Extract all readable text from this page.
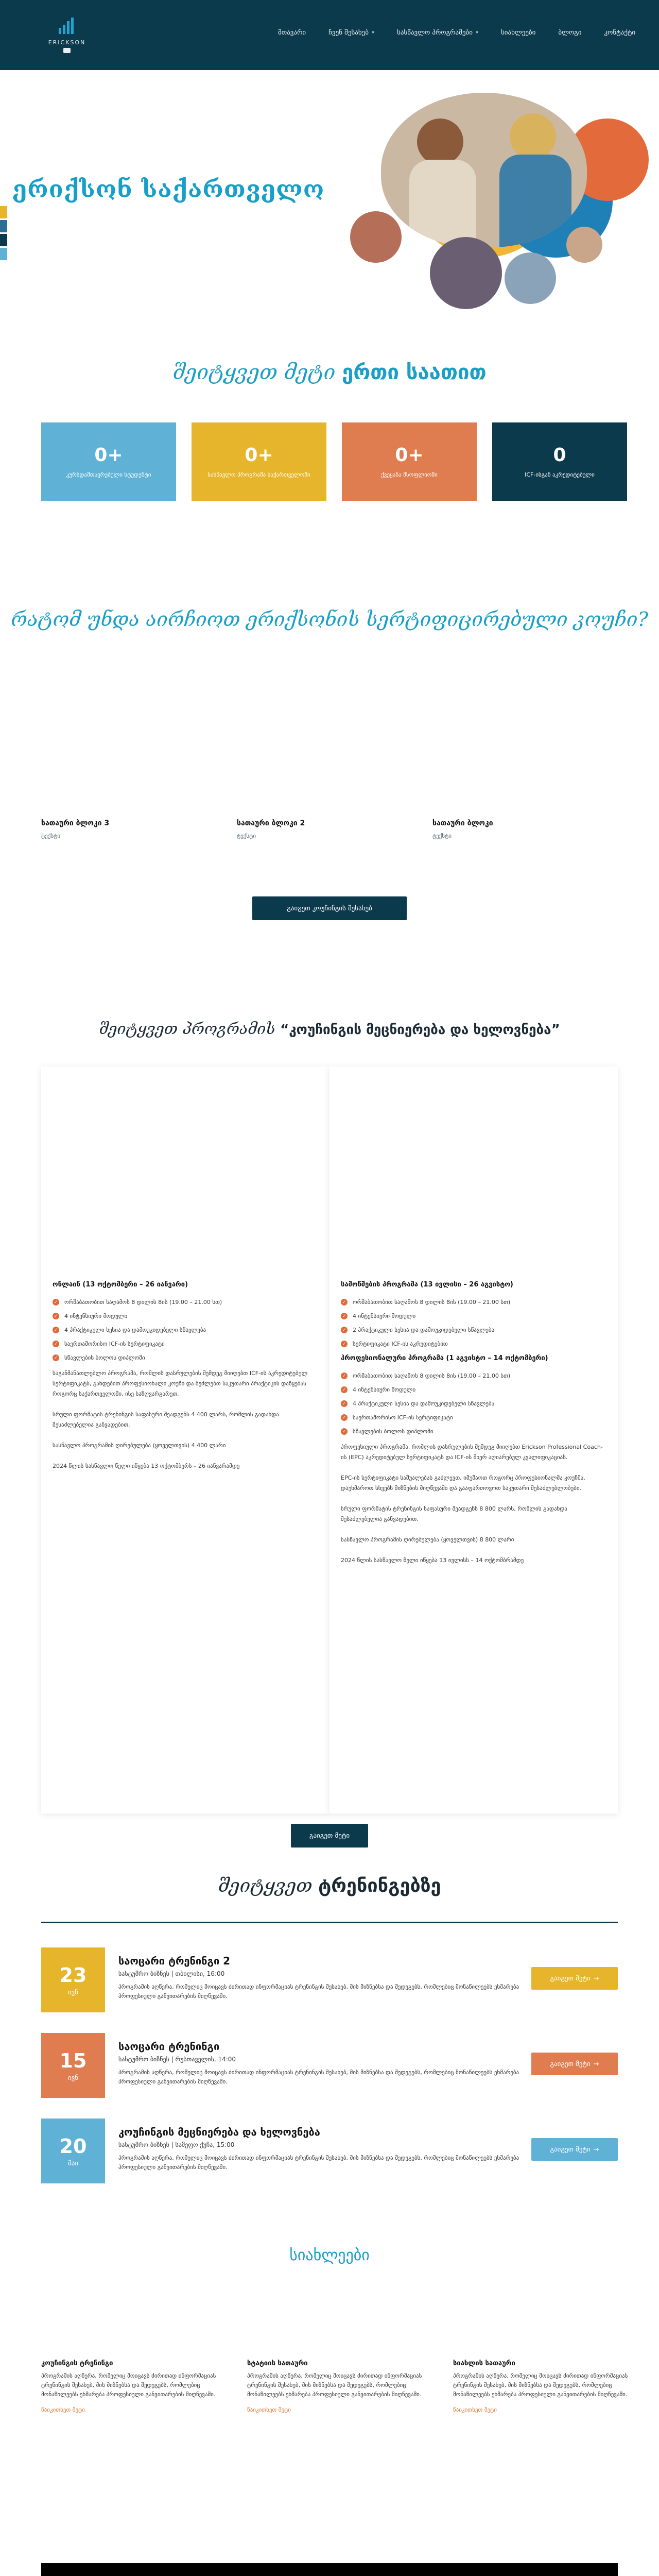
ERICKSON
მთავარი	ჩვენ შესახებ ▾	სასწავლო პროგრამები ▾	სიახლეები	ბლოგი	კონტაქტი
ერიქსონ საქართველო
შეიტყვეთ მეტი ერთი საათით
0+
კურსდამთავრებული სტუდენტი
0+
სასწავლო პროგრამა საქართველოში
0+
ქვეყანა მსოფლიოში
0
ICF-ისგან აკრედიტებული
რატომ უნდა აირჩიოთ ერიქსონის სერტიფიცირებული კოუჩი?
სათაური ბლოკი 3

ტექსტი

სათაური ბლოკი 2

ტექსტი

სათაური ბლოკი

ტექსტი

გაიგეთ კოუჩინგის შესახებ
შეიტყვეთ პროგრამის “კოუჩინგის მეცნიერება და ხელოვნება”
ონლაინ (13 ოქტომბერი – 26 იანვარი)
✓ ორშაბათობით საღამოს 8 დილის 8ის (19.00 – 21.00 სთ)
✓ 4 ინტენსიური მოდული
✓ 4 პრაქტიკული სესია და დამოუკიდებელი სწავლება
✓ საერთაშორისო ICF-ის სერტიფიკატი
✓ სწავლების ბოლოს დიპლომი

საგანმანათლებლო პროგრამა, რომლის დასრულების შემდეგ მიიღებთ ICF-ის აკრედიტებულ სერტიფიკატს, გახდებით პროფესიონალი კოუჩი და შეძლებთ საკუთარი პრაქტიკის დაწყებას როგორც საქართველოში, ისე საზღვარგარეთ.

სრული ფორმატის ტრენინგის საფასური შეადგენს 4 400 ლარს, რომლის გადახდა შესაძლებელია განვადებით.

სასწავლო პროგრამის ღირებულება (ყოველთვის) 4 400 ლარი

2024 წლის სასწავლო წელი იწყება 13 ოქტომბერს – 26 იანვარამდე

სამოწმების პროგრამა (13 ივლისი – 26 აგვისტო)
✓ ორშაბათობით საღამოს 8 დილის 8ის (19.00 – 21.00 სთ)
✓ 4 ინტენსიური მოდული
✓ 2 პრაქტიკული სესია და დამოუკიდებელი სწავლება
✓ სერტიფიკატი ICF-ის აკრედიტებით
პროფესიონალური პროგრამა (1 აგვისტო – 14 ოქტომბერი)
✓ ორშაბათობით საღამოს 8 დილის 8ის (19.00 – 21.00 სთ)
✓ 4 ინტენსიური მოდული
✓ 4 პრაქტიკული სესია და დამოუკიდებელი სწავლება
✓ საერთაშორისო ICF-ის სერტიფიკატი
✓ სწავლების ბოლოს დიპლომი

პროფესიული პროგრამა, რომლის დასრულების შემდეგ მიიღებთ Erickson Professional Coach-ის (EPC) აკრედიტებულ სერტიფიკატს და ICF-ის მიერ აღიარებულ კვალიფიკაციას.

EPC-ის სერტიფიკატი საშუალებას გაძლევთ, იმუშაოთ როგორც პროფესიონალმა კოუჩმა, დაეხმაროთ სხვებს მიზნების მიღწევაში და გააფართოვოთ საკუთარი შესაძლებლობები.

სრული ფორმატის ტრენინგის საფასური შეადგენს 8 800 ლარს, რომლის გადახდა შესაძლებელია განვადებით.

სასწავლო პროგრამის ღირებულება (ყოველთვის) 8 800 ლარი

2024 წლის სასწავლო წელი იწყება 13 ივლისს – 14 ოქტომბრამდე

გაიგეთ მეტი
შეიტყვეთ ტრენინგებზე
23
ივნ
საოცარი ტრენინგი 2
სასტუმრო ბიზნეს | თბილისი, 16:00
პროგრამის აღწერა, რომელიც მოიცავს ძირითად ინფორმაციას ტრენინგის შესახებ, მის მიზნებსა და შედეგებს, რომლებიც მონაწილეებს ეხმარება პროფესიული განვითარების მიღწევაში.
გაიგეთ მეტი →
15
ივნ
საოცარი ტრენინგი
სასტუმრო ბიზნეს | რუსთაველის, 14:00
პროგრამის აღწერა, რომელიც მოიცავს ძირითად ინფორმაციას ტრენინგის შესახებ, მის მიზნებსა და შედეგებს, რომლებიც მონაწილეებს ეხმარება პროფესიული განვითარების მიღწევაში.
გაიგეთ მეტი →
20
მაი
კოუჩინგის მეცნიერება და ხელოვნება
სასტუმრო ბიზნეს | სამეფო ქუჩა, 15:00
პროგრამის აღწერა, რომელიც მოიცავს ძირითად ინფორმაციას ტრენინგის შესახებ, მის მიზნებსა და შედეგებს, რომლებიც მონაწილეებს ეხმარება პროფესიული განვითარების მიღწევაში.
გაიგეთ მეტი →
სიახლეები
კოუჩინგის ტრენინგი

პროგრამის აღწერა, რომელიც მოიცავს ძირითად ინფორმაციას ტრენინგის შესახებ, მის მიზნებსა და შედეგებს, რომლებიც მონაწილეებს ეხმარება პროფესიული განვითარების მიღწევაში.

წაიკითხეთ მეტი
სტატიის სათაური

პროგრამის აღწერა, რომელიც მოიცავს ძირითად ინფორმაციას ტრენინგის შესახებ, მის მიზნებსა და შედეგებს, რომლებიც მონაწილეებს ეხმარება პროფესიული განვითარების მიღწევაში.

წაიკითხეთ მეტი
სიახლის სათაური

პროგრამის აღწერა, რომელიც მოიცავს ძირითად ინფორმაციას ტრენინგის შესახებ, მის მიზნებსა და შედეგებს, რომლებიც მონაწილეებს ეხმარება პროფესიული განვითარების მიღწევაში.

წაიკითხეთ მეტი
